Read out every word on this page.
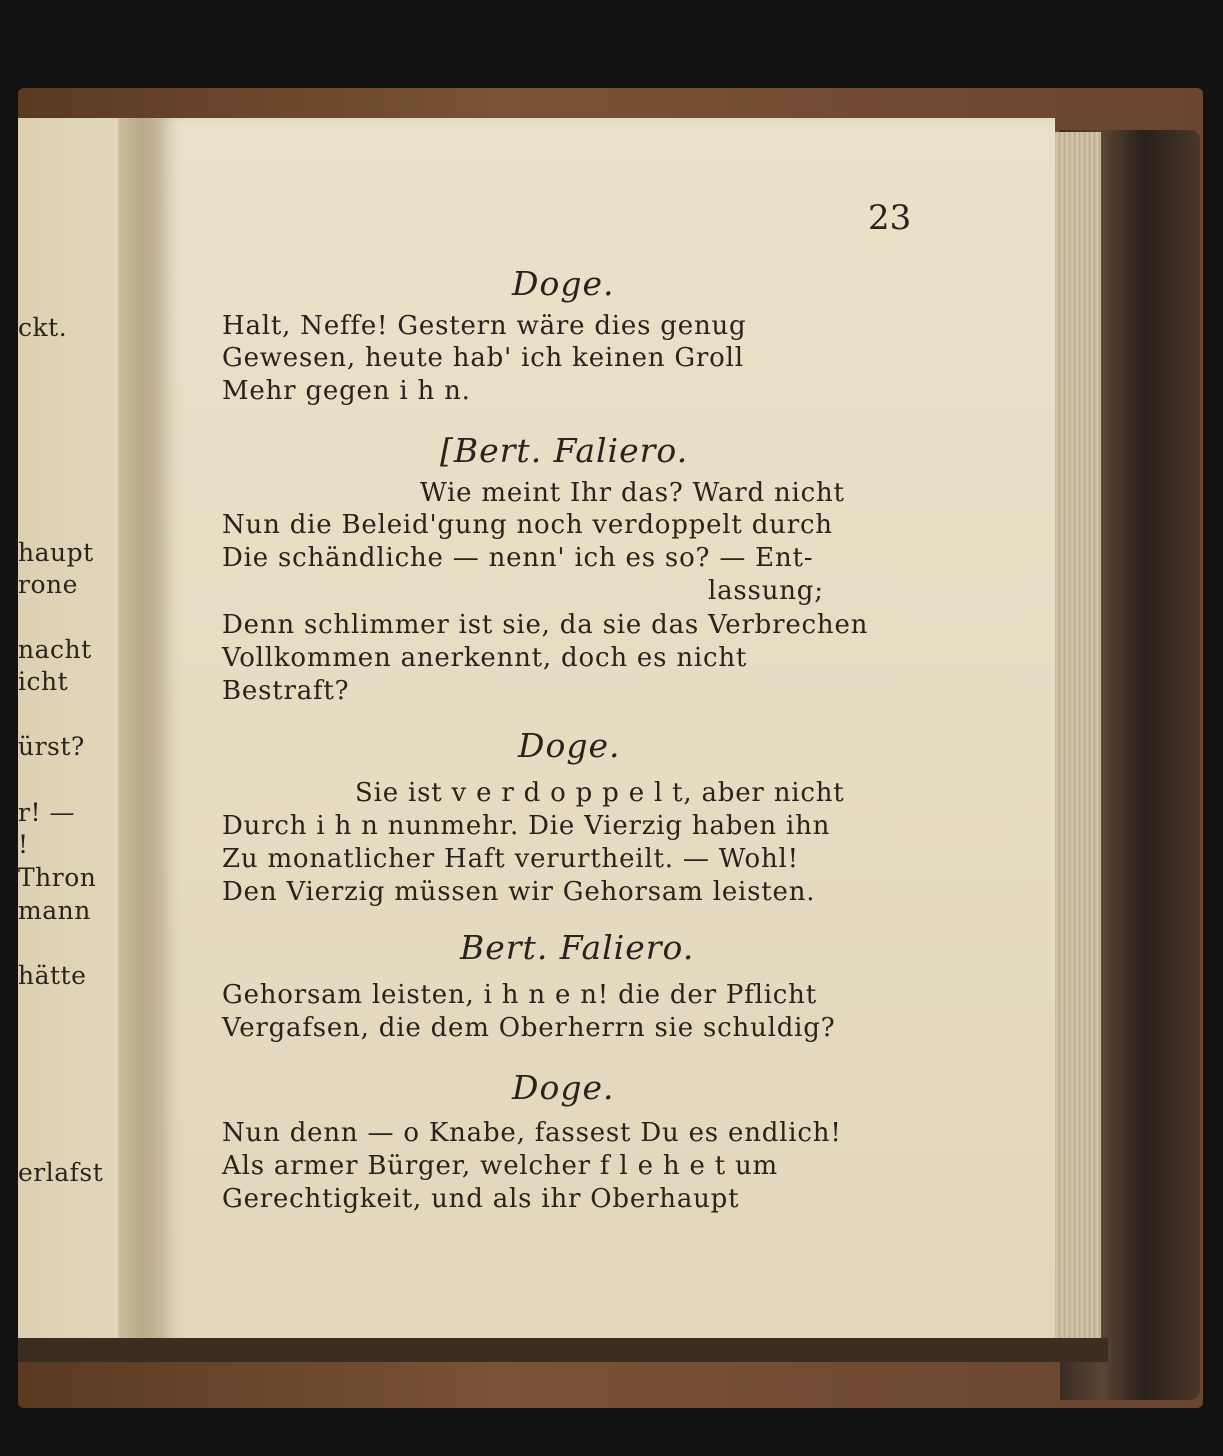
ckt.
haupt
rone
nacht
icht
ürst?
r! —
!
Thron
mann
hätte
erlafst
23
Doge.
Halt, Neffe! Gestern wäre dies genug
Gewesen, heute hab' ich keinen Groll
Mehr gegen i h n.
[Bert. Faliero.
Wie meint Ihr das? Ward nicht
Nun die Beleid'gung noch verdoppelt durch
Die schändliche — nenn' ich es so? — Ent-
lassung;
Denn schlimmer ist sie, da sie das Verbrechen
Vollkommen anerkennt, doch es nicht
Bestraft?
Doge.
Sie ist v e r d o p p e l t, aber nicht
Durch i h n nunmehr. Die Vierzig haben ihn
Zu monatlicher Haft verurtheilt. — Wohl!
Den Vierzig müssen wir Gehorsam leisten.
Bert. Faliero.
Gehorsam leisten, i h n e n! die der Pflicht
Vergafsen, die dem Oberherrn sie schuldig?
Doge.
Nun denn — o Knabe, fassest Du es endlich!
Als armer Bürger, welcher f l e h e t um
Gerechtigkeit, und als ihr Oberhaupt
